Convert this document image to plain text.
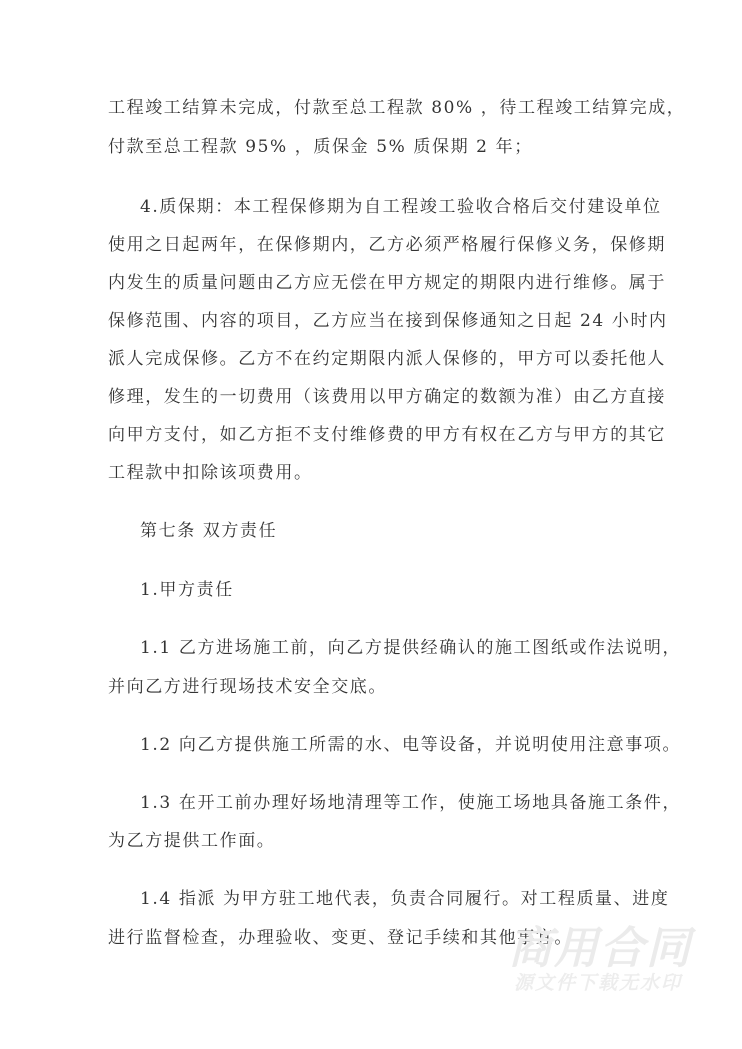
工程竣工结算未完成，付款至总工程款 80% ，待工程竣工结算完成，
付款至总工程款 95% ，质保金 5% 质保期 2 年；
4.质保期：本工程保修期为自工程竣工验收合格后交付建设单位
使用之日起两年，在保修期内，乙方必须严格履行保修义务，保修期
内发生的质量问题由乙方应无偿在甲方规定的期限内进行维修。属于
保修范围、内容的项目，乙方应当在接到保修通知之日起 24 小时内
派人完成保修。乙方不在约定期限内派人保修的，甲方可以委托他人
修理，发生的一切费用（该费用以甲方确定的数额为准）由乙方直接
向甲方支付，如乙方拒不支付维修费的甲方有权在乙方与甲方的其它
工程款中扣除该项费用。
第七条 双方责任
1.甲方责任
1.1 乙方进场施工前，向乙方提供经确认的施工图纸或作法说明，
并向乙方进行现场技术安全交底。
1.2 向乙方提供施工所需的水、电等设备，并说明使用注意事项。
1.3 在开工前办理好场地清理等工作，使施工场地具备施工条件，
为乙方提供工作面。
1.4 指派 为甲方驻工地代表，负责合同履行。对工程质量、进度
进行监督检查，办理验收、变更、登记手续和其他事宜。
商用合同
源文件下载无水印
